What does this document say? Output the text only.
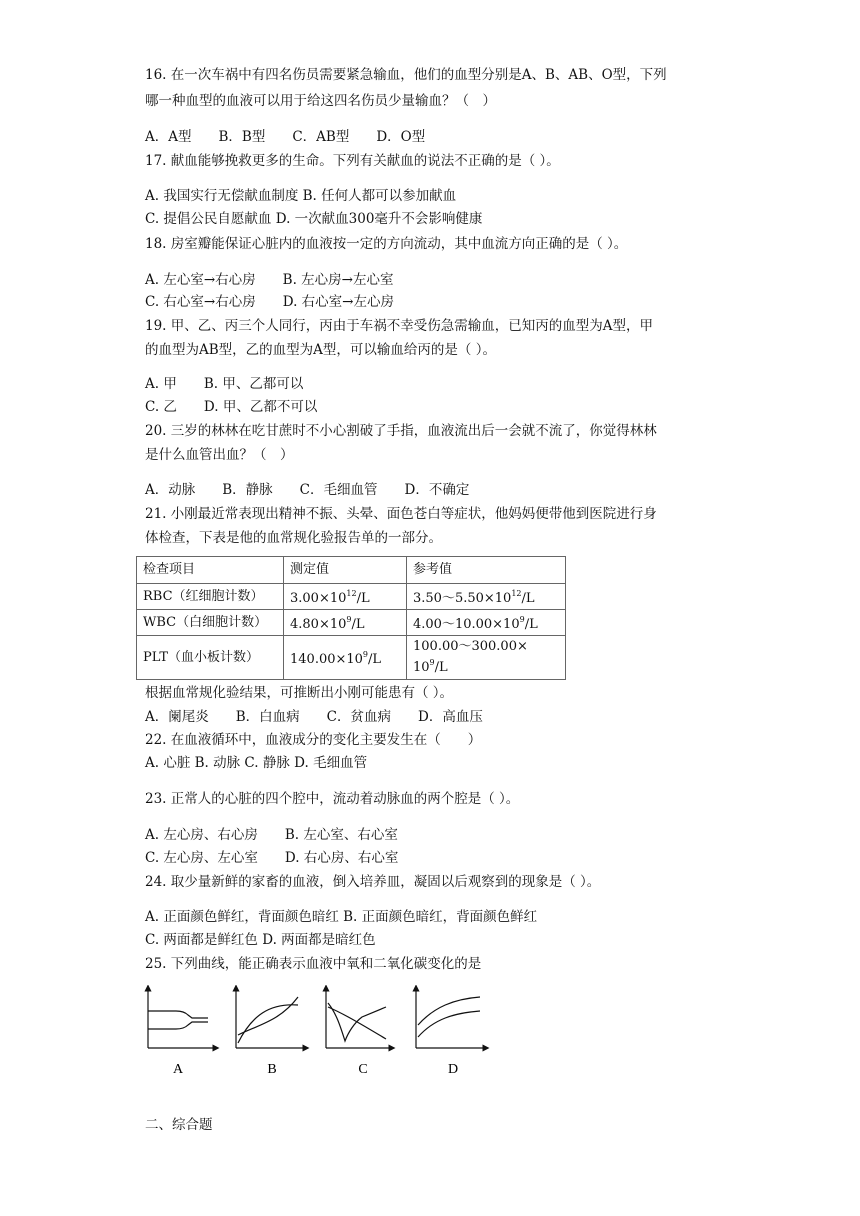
16. 在一次车祸中有四名伤员需要紧急输血，他们的血型分别是A、B、AB、O型，下列
哪一种血型的血液可以用于给这四名伤员少量输血？（　）
A．A型　　B．B型　　C．AB型　　D．O型
17. 献血能够挽救更多的生命。下列有关献血的说法不正确的是（ ）。
A. 我国实行无偿献血制度 B. 任何人都可以参加献血
C. 提倡公民自愿献血 D. 一次献血300毫升不会影响健康
18. 房室瓣能保证心脏内的血液按一定的方向流动，其中血流方向正确的是（ ）。
A. 左心室→右心房　　B. 左心房→左心室
C. 右心室→右心房　　D. 右心室→左心房
19. 甲、乙、丙三个人同行，丙由于车祸不幸受伤急需输血，已知丙的血型为A型，甲
的血型为AB型，乙的血型为A型，可以输血给丙的是（ ）。
A. 甲　　B. 甲、乙都可以
C. 乙　　D. 甲、乙都不可以
20. 三岁的林林在吃甘蔗时不小心割破了手指，血液流出后一会就不流了，你觉得林林
是什么血管出血？（　）
A．动脉　　B．静脉　　C．毛细血管　　D．不确定
21. 小刚最近常表现出精神不振、头晕、面色苍白等症状，他妈妈便带他到医院进行身
体检查，下表是他的血常规化验报告单的一部分。
检查项目	测定值	参考值
RBC（红细胞计数）	$3.00\times 10^{12}/L$	$3.50\sim 5.50\times 10^{12}/L$
WBC（白细胞计数）	$4.80\times 10^9/L$	$4.00\sim 10.00\times 10^9/L$
PLT（血小板计数）	$140.00\times 10^9/L$	100.00～300.00×
$10^9/L$
根据血常规化验结果，可推断出小刚可能患有（ ）。
A．阑尾炎　　B．白血病　　C．贫血病　　D．高血压
22. 在血液循环中，血液成分的变化主要发生在（　　）
A. 心脏 B. 动脉 C. 静脉 D. 毛细血管
23. 正常人的心脏的四个腔中，流动着动脉血的两个腔是（ ）。
A. 左心房、右心房　　B. 左心室、右心室
C. 左心房、左心室　　D. 右心房、右心室
24. 取少量新鲜的家畜的血液，倒入培养皿，凝固以后观察到的现象是（ ）。
A. 正面颜色鲜红，背面颜色暗红 B. 正面颜色暗红，背面颜色鲜红
C. 两面都是鲜红色 D. 两面都是暗红色
25. 下列曲线，能正确表示血液中氧和二氧化碳变化的是
A	B	C	D
二、综合题
